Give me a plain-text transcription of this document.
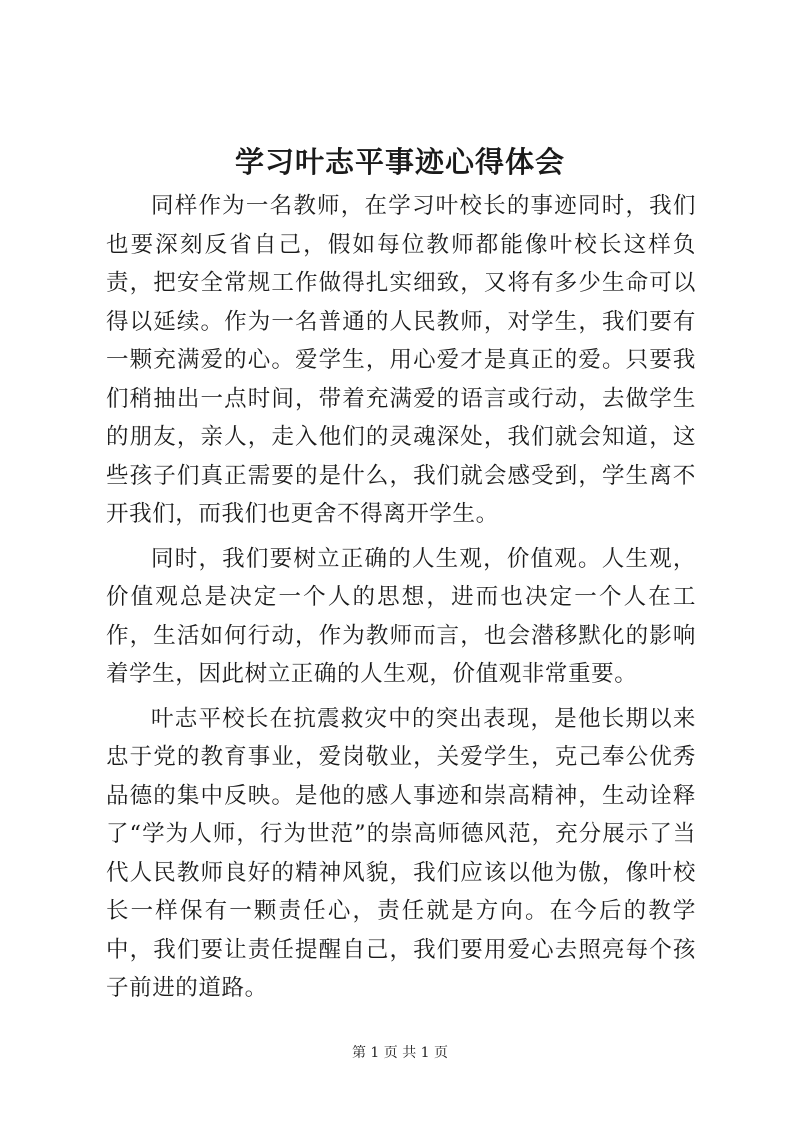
学习叶志平事迹心得体会

同样作为一名教师，在学习叶校长的事迹同时，我们也要深刻反省自己，假如每位教师都能像叶校长这样负责，把安全常规工作做得扎实细致，又将有多少生命可以得以延续。作为一名普通的人民教师，对学生，我们要有一颗充满爱的心。爱学生，用心爱才是真正的爱。只要我们稍抽出一点时间，带着充满爱的语言或行动，去做学生的朋友，亲人，走入他们的灵魂深处，我们就会知道，这些孩子们真正需要的是什么，我们就会感受到，学生离不开我们，而我们也更舍不得离开学生。

同时，我们要树立正确的人生观，价值观。人生观，价值观总是决定一个人的思想，进而也决定一个人在工作，生活如何行动，作为教师而言，也会潜移默化的影响着学生，因此树立正确的人生观，价值观非常重要。

叶志平校长在抗震救灾中的突出表现，是他长期以来忠于党的教育事业，爱岗敬业，关爱学生，克己奉公优秀品德的集中反映。是他的感人事迹和崇高精神，生动诠释了“学为人师，行为世范”的崇高师德风范，充分展示了当代人民教师良好的精神风貌，我们应该以他为傲，像叶校长一样保有一颗责任心，责任就是方向。在今后的教学中，我们要让责任提醒自己，我们要用爱心去照亮每个孩子前进的道路。

第 1 页 共 1 页
